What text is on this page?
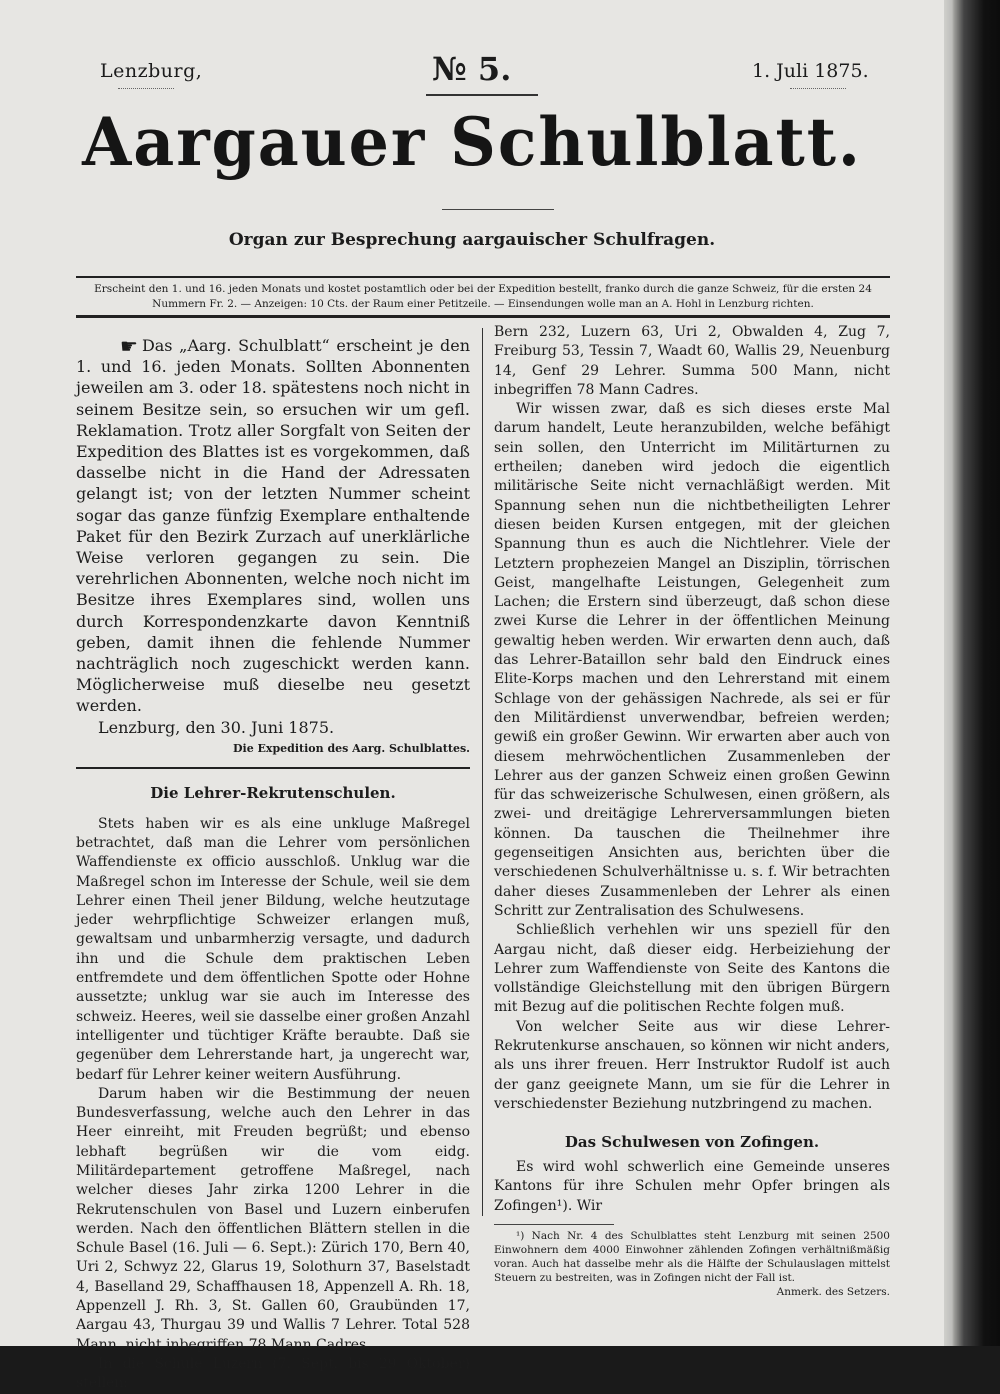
Lenzburg,	№ 5.	1. Juli 1875.
Aargauer Schulblatt.
Organ zur Besprechung aargauischer Schulfragen.
Erscheint den 1. und 16. jeden Monats und kostet postamtlich oder bei der Expedition bestellt, franko durch die ganze Schweiz, für die ersten 24 Nummern Fr. 2. — Anzeigen: 10 Cts. der Raum einer Petitzeile. — Einsendungen wolle man an A. Hohl in Lenzburg richten.

☛ Das „Aarg. Schulblatt“ erscheint je den 1. und 16. jeden Monats. Sollten Abonnenten jeweilen am 3. oder 18. spätestens noch nicht in seinem Besitze sein, so ersuchen wir um gefl. Reklamation. Trotz aller Sorgfalt von Seiten der Expedition des Blattes ist es vorgekommen, daß dasselbe nicht in die Hand der Adressaten gelangt ist; von der letzten Nummer scheint sogar das ganze fünfzig Exemplare enthaltende Paket für den Bezirk Zurzach auf unerklärliche Weise verloren gegangen zu sein. Die verehrlichen Abonnenten, welche noch nicht im Besitze ihres Exemplares sind, wollen uns durch Korrespondenzkarte davon Kenntniß geben, damit ihnen die fehlende Nummer nachträglich noch zugeschickt werden kann. Möglicherweise muß dieselbe neu gesetzt werden.

Lenzburg, den 30. Juni 1875.
Die Expedition des Aarg. Schulblattes.
Die Lehrer-Rekrutenschulen.

Stets haben wir es als eine unkluge Maßregel betrachtet, daß man die Lehrer vom persönlichen Waffendienste ex officio ausschloß. Unklug war die Maßregel schon im Interesse der Schule, weil sie dem Lehrer einen Theil jener Bildung, welche heutzutage jeder wehrpflichtige Schweizer erlangen muß, gewaltsam und unbarmherzig versagte, und dadurch ihn und die Schule dem praktischen Leben entfremdete und dem öffentlichen Spotte oder Hohne aussetzte; unklug war sie auch im Interesse des schweiz. Heeres, weil sie dasselbe einer großen Anzahl intelligenter und tüchtiger Kräfte beraubte. Daß sie gegenüber dem Lehrerstande hart, ja ungerecht war, bedarf für Lehrer keiner weitern Ausführung.

Darum haben wir die Bestimmung der neuen Bundesverfassung, welche auch den Lehrer in das Heer einreiht, mit Freuden begrüßt; und ebenso lebhaft begrüßen wir die vom eidg. Militärdepartement getroffene Maßregel, nach welcher dieses Jahr zirka 1200 Lehrer in die Rekrutenschulen von Basel und Luzern einberufen werden. Nach den öffentlichen Blättern stellen in die Schule Basel (16. Juli — 6. Sept.): Zürich 170, Bern 40, Uri 2, Schwyz 22, Glarus 19, Solothurn 37, Baselstadt 4, Baselland 29, Schaffhausen 18, Appenzell A. Rh. 18, Appenzell J. Rh. 3, St. Gallen 60, Graubünden 17, Aargau 43, Thurgau 39 und Wallis 7 Lehrer. Total 528 Mann, nicht inbegriffen 78 Mann Cadres.

In die Schule Luzern (7. Sept. bis 29 Oktober) stellen:

Bern 232, Luzern 63, Uri 2, Obwalden 4, Zug 7, Freiburg 53, Tessin 7, Waadt 60, Wallis 29, Neuenburg 14, Genf 29 Lehrer. Summa 500 Mann, nicht inbegriffen 78 Mann Cadres.

Wir wissen zwar, daß es sich dieses erste Mal darum handelt, Leute heranzubilden, welche befähigt sein sollen, den Unterricht im Militärturnen zu ertheilen; daneben wird jedoch die eigentlich militärische Seite nicht vernachläßigt werden. Mit Spannung sehen nun die nichtbetheiligten Lehrer diesen beiden Kursen entgegen, mit der gleichen Spannung thun es auch die Nichtlehrer. Viele der Letztern prophezeien Mangel an Disziplin, törrischen Geist, mangelhafte Leistungen, Gelegenheit zum Lachen; die Erstern sind überzeugt, daß schon diese zwei Kurse die Lehrer in der öffentlichen Meinung gewaltig heben werden. Wir erwarten denn auch, daß das Lehrer-Bataillon sehr bald den Eindruck eines Elite-Korps machen und den Lehrerstand mit einem Schlage von der gehässigen Nachrede, als sei er für den Militärdienst unverwendbar, befreien werden; gewiß ein großer Gewinn. Wir erwarten aber auch von diesem mehrwöchentlichen Zusammenleben der Lehrer aus der ganzen Schweiz einen großen Gewinn für das schweizerische Schulwesen, einen größern, als zwei- und dreitägige Lehrerversammlungen bieten können. Da tauschen die Theilnehmer ihre gegenseitigen Ansichten aus, berichten über die verschiedenen Schulverhältnisse u. s. f. Wir betrachten daher dieses Zusammenleben der Lehrer als einen Schritt zur Zentralisation des Schulwesens.

Schließlich verhehlen wir uns speziell für den Aargau nicht, daß dieser eidg. Herbeiziehung der Lehrer zum Waffendienste von Seite des Kantons die vollständige Gleichstellung mit den übrigen Bürgern mit Bezug auf die politischen Rechte folgen muß.

Von welcher Seite aus wir diese Lehrer-Rekrutenkurse anschauen, so können wir nicht anders, als uns ihrer freuen. Herr Instruktor Rudolf ist auch der ganz geeignete Mann, um sie für die Lehrer in verschiedenster Beziehung nutzbringend zu machen.

Das Schulwesen von Zofingen.

Es wird wohl schwerlich eine Gemeinde unseres Kantons für ihre Schulen mehr Opfer bringen als Zofingen¹). Wir

¹) Nach Nr. 4 des Schulblattes steht Lenzburg mit seinen 2500 Einwohnern dem 4000 Einwohner zählenden Zofingen verhältnißmäßig voran. Auch hat dasselbe mehr als die Hälfte der Schulauslagen mittelst Steuern zu bestreiten, was in Zofingen nicht der Fall ist.

Anmerk. des Setzers.
